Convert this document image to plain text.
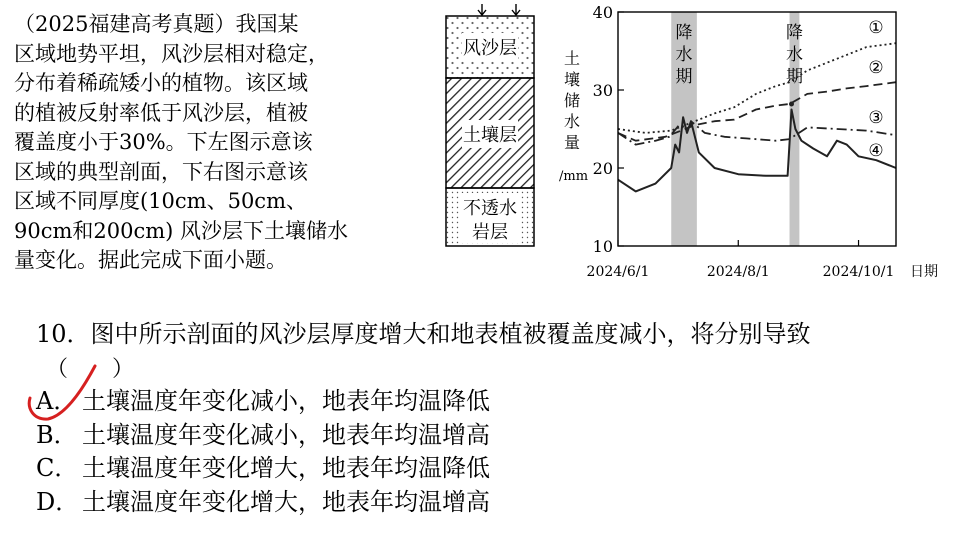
（2025福建高考真题）我国某
区域地势平坦，风沙层相对稳定，
分布着稀疏矮小的植物。该区域
的植被反射率低于风沙层，植被
覆盖度小于30%。下左图示意该
区域的典型剖面，下右图示意该
区域不同厚度(10cm、50cm、
90cm和200cm) 风沙层下土壤储水
量变化。据此完成下面小题。
风沙层
土壤层
不透水
岩层
降
水
期
降
水
期
10
20
30
40
2024/6/1	2024/8/1	2024/10/1
土
壤
储
水
量
/mm
日期
①
②
③
④
10．图中所示剖面的风沙层厚度增大和地表植被覆盖度减小，将分别导致
（　　）
A． 土壤温度年变化减小，地表年均温降低
B． 土壤温度年变化减小，地表年均温增高
C． 土壤温度年变化增大，地表年均温降低
D． 土壤温度年变化增大，地表年均温增高
